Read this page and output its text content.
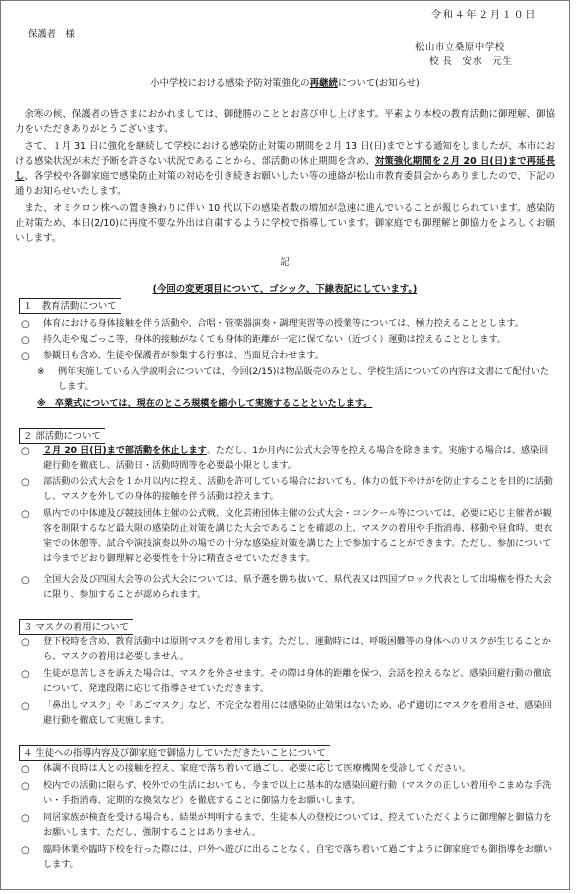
令和４年２月１０日
保護者　様
松山市立桑原中学校
校 長　安水　元生
小中学校における感染予防対策強化の再継続について(お知らせ)
余寒の候、保護者の皆さまにおかれましては、御健勝のこととお喜び申し上げます。平素より本校の教育活動に御理解、御協力をいただきありがとうございます。
さて、１月 31 日に強化を継続して学校における感染防止対策の期間を２月 13 日(日)までとする通知をしましたが、本市における感染状況が未だ予断を許さない状況であることから、部活動の休止期間を含め、対策強化期間を２月 20 日(日)まで再延長し、各学校や各御家庭で感染防止対策の対応を引き続きお願いしたい等の連絡が松山市教育委員会からありましたので、下記の通りお知らせいたします。
また、オミクロン株への置き換わりに伴い 10 代以下の感染者数の増加が急速に進んでいることが報じられています。感染防止対策ため、本日(2/10)に再度不要な外出は自粛するように学校で指導しています。御家庭でも御理解と御協力をよろしくお願いします。
記
(今回の変更項目について、ゴシック、下線表記にしています。)
１　教育活動について
○ 体育における身体接触を伴う活動や、合唱・管楽器演奏・調理実習等の授業等については、極力控えることとします。
○ 持久走や鬼ごっこ等、身体的接触がなくても身体的距離が一定に保てない（近づく）運動は控えることとします。
○ 参観日も含め、生徒や保護者が参集する行事は、当面見合わせます。
※ 例年実施している入学説明会については、今回(2/15)は物品販売のみとし、学校生活についての内容は文書にて配付いたします。
※　卒業式については、現在のところ規模を縮小して実施することといたします。
２ 部活動について
○ ２月 20 日(日)まで部活動を休止します。ただし、1か月内に公式大会等を控える場合を除きます。実施する場合は、感染回避行動を徹底し、活動日・活動時間等を必要最小限とします。
○ 部活動の公式大会を１か月以内に控え、活動を許可している場合においても、体力の低下やけがを防止することを目的に活動し、マスクを外しての身体的接触を伴う活動は控えます。
○ 県内での中体連及び競技団体主催の公式戦、文化芸術団体主催の公式大会・コンクール等については、必要に応じ主催者が観客を制限するなど最大限の感染防止対策を講じた大会であることを確認の上、マスクの着用や手指消毒、移動や昼食時、更衣室での休憩等、試合や演技演奏以外の場での十分な感染症対策を講じた上で参加することができます。ただし、参加については今までどおり御理解と必要性を十分に精査させていただきます。
○ 全国大会及び四国大会等の公式大会については、県予選を勝ち抜いて、県代表又は四国ブロック代表として出場権を得た大会に限り、参加することが認められます。
３ マスクの着用について
○ 登下校時を含め、教育活動中は原則マスクを着用します。ただし、運動時には、呼吸困難等の身体へのリスクが生じることから、マスクの着用は必要しません。
○ 生徒が息苦しさを訴えた場合は、マスクを外させます。その際は身体的距離を保つ、会話を控えるなど、感染回避行動の徹底について、発達段階に応じて指導させていただきます。
○ 「鼻出しマスク」や「あごマスク」など、不完全な着用には感染防止効果はないため、必ず適切にマスクを着用させ、感染回避行動を徹底して実施します。
４ 生徒への指導内容及び御家庭で御協力していただきたいことについて
○ 体調不良時は人との接触を控え、家庭で落ち着いて過ごし、必要に応じて医療機関を受診してください。
○ 校内での活動に限らず、校外での生活においても、今まで以上に基本的な感染回避行動（マスクの正しい着用やこまめな手洗い・手指消毒、定期的な換気など）を徹底することに御協力をお願いします。
○ 同居家族が検査を受ける場合も、結果が判明するまで、生徒本人の登校については、控えていただくように御理解と御協力をお願いします。ただし、強制することはありません。
○ 臨時休業や臨時下校を行った際には、戸外へ遊びに出ることなく、自宅で落ち着いて過ごすように御家庭でも御指導をお願いします。
